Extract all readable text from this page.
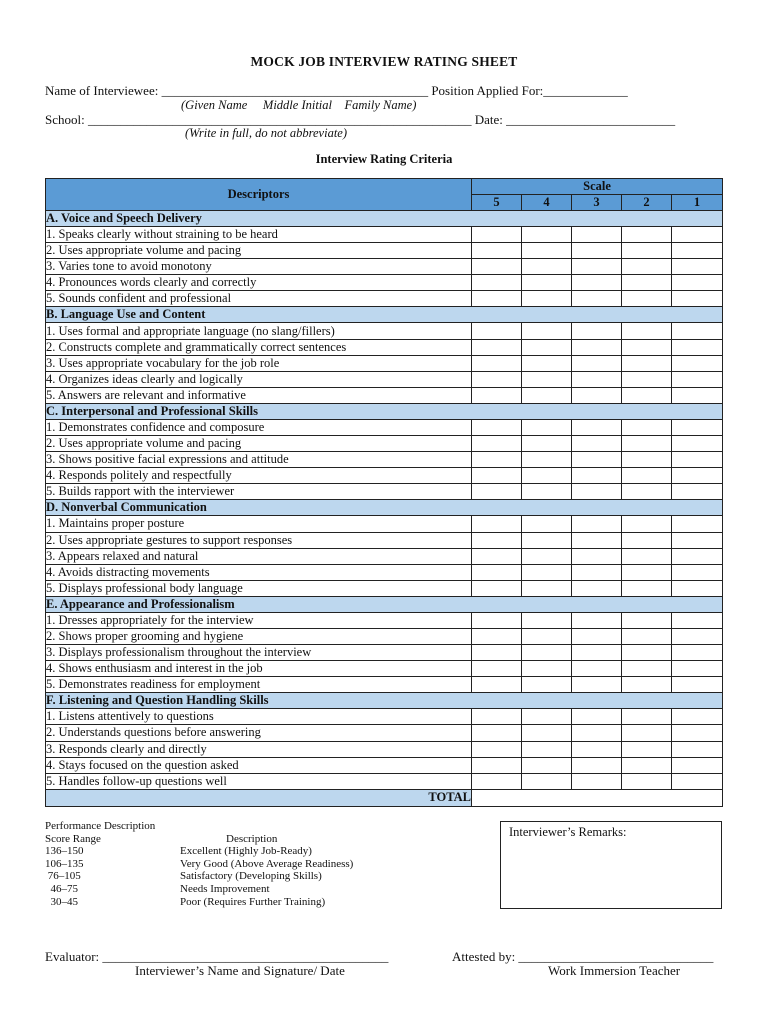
MOCK JOB INTERVIEW RATING SHEET
Name of Interviewee: _________________________________________ Position Applied For:_____________
(Given Name     Middle Initial    Family Name)
School: ___________________________________________________________ Date: __________________________
(Write in full, do not abbreviate)
Interview Rating Criteria
Descriptors	Scale				
	5	4	3	2	1
A. Voice and Speech Delivery					
1. Speaks clearly without straining to be heard					
2. Uses appropriate volume and pacing					
3. Varies tone to avoid monotony					
4. Pronounces words clearly and correctly					
5. Sounds confident and professional					
B. Language Use and Content					
1. Uses formal and appropriate language (no slang/fillers)					
2. Constructs complete and grammatically correct sentences					
3. Uses appropriate vocabulary for the job role					
4. Organizes ideas clearly and logically					
5. Answers are relevant and informative					
C. Interpersonal and Professional Skills					
1. Demonstrates confidence and composure					
2. Uses appropriate volume and pacing					
3. Shows positive facial expressions and attitude					
4. Responds politely and respectfully					
5. Builds rapport with the interviewer					
D. Nonverbal Communication					
1. Maintains proper posture					
2. Uses appropriate gestures to support responses					
3. Appears relaxed and natural					
4. Avoids distracting movements					
5. Displays professional body language					
E. Appearance and Professionalism					
1. Dresses appropriately for the interview					
2. Shows proper grooming and hygiene					
3. Displays professionalism throughout the interview					
4. Shows enthusiasm and interest in the job					
5. Demonstrates readiness for employment					
F. Listening and Question Handling Skills					
1. Listens attentively to questions					
2. Understands questions before answering					
3. Responds clearly and directly					
4. Stays focused on the question asked					
5. Handles follow-up questions well					
TOTAL					
Performance Description
Score Range	Description
136–150	Excellent (Highly Job-Ready)
106–135	Very Good (Above Average Readiness)
76–105	Satisfactory (Developing Skills)
46–75	Needs Improvement
30–45	Poor (Requires Further Training)
Interviewer’s Remarks:
Evaluator: ____________________________________________
Interviewer’s Name and Signature/ Date
Attested by: ______________________________
Work Immersion Teacher
